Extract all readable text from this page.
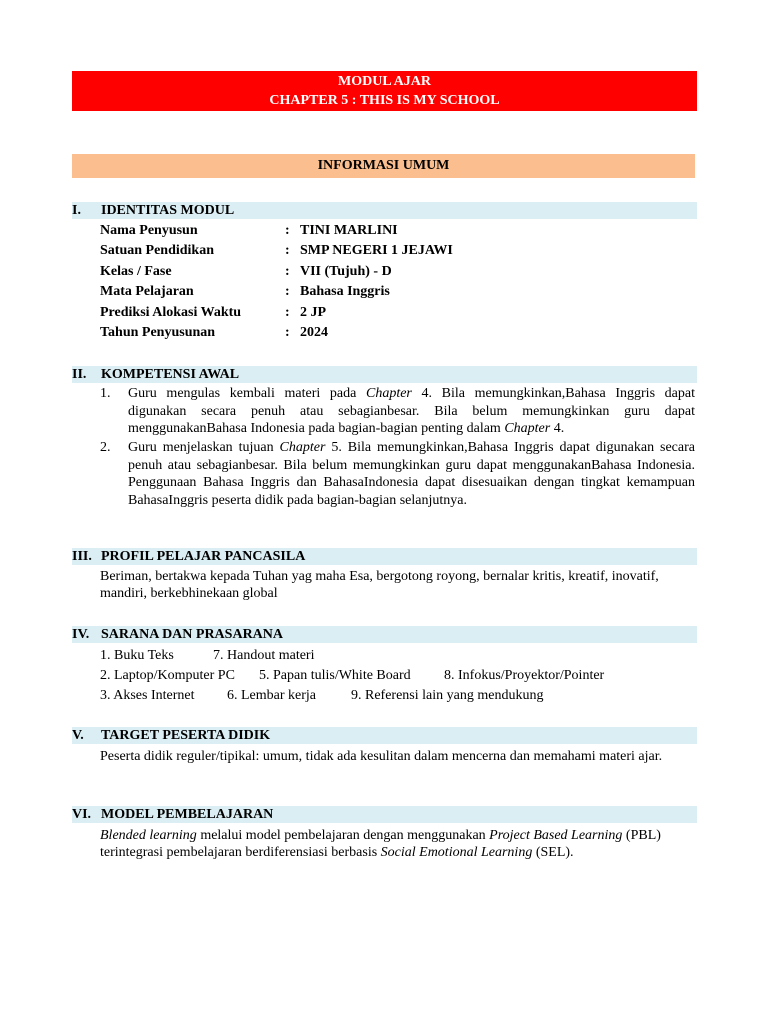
MODUL AJAR
CHAPTER 5 : THIS IS MY SCHOOL
INFORMASI UMUM
I. IDENTITAS MODUL
Nama Penyusun	: TINI MARLINI
Satuan Pendidikan	: SMP NEGERI 1 JEJAWI
Kelas / Fase	: VII (Tujuh) - D
Mata Pelajaran	: Bahasa Inggris
Prediksi Alokasi Waktu	: 2 JP
Tahun Penyusunan	: 2024
II. KOMPETENSI AWAL
1. Guru mengulas kembali materi pada Chapter 4. Bila memungkinkan,Bahasa Inggris dapat digunakan secara penuh atau sebagianbesar. Bila belum memungkinkan guru dapat menggunakanBahasa Indonesia pada bagian-bagian penting dalam Chapter 4.
2. Guru menjelaskan tujuan Chapter 5. Bila memungkinkan,Bahasa Inggris dapat digunakan secara penuh atau sebagianbesar. Bila belum memungkinkan guru dapat menggunakanBahasa Indonesia. Penggunaan Bahasa Inggris dan BahasaIndonesia dapat disesuaikan dengan tingkat kemampuan BahasaInggris peserta didik pada bagian-bagian selanjutnya.
III. PROFIL PELAJAR PANCASILA
Beriman, bertakwa kepada Tuhan yag maha Esa, bergotong royong, bernalar kritis, kreatif, inovatif, mandiri, berkebhinekaan global
IV. SARANA DAN PRASARANA
1. Buku Teks	7. Handout materi
2. Laptop/Komputer PC 5. Papan tulis/White Board 8. Infokus/Proyektor/Pointer
3. Akses Internet 6. Lembar kerja 9. Referensi lain yang mendukung
V. TARGET PESERTA DIDIK
Peserta didik reguler/tipikal: umum, tidak ada kesulitan dalam mencerna dan memahami materi ajar.
VI. MODEL PEMBELAJARAN
Blended learning melalui model pembelajaran dengan menggunakan Project Based Learning (PBL) terintegrasi pembelajaran berdiferensiasi berbasis Social Emotional Learning (SEL).
